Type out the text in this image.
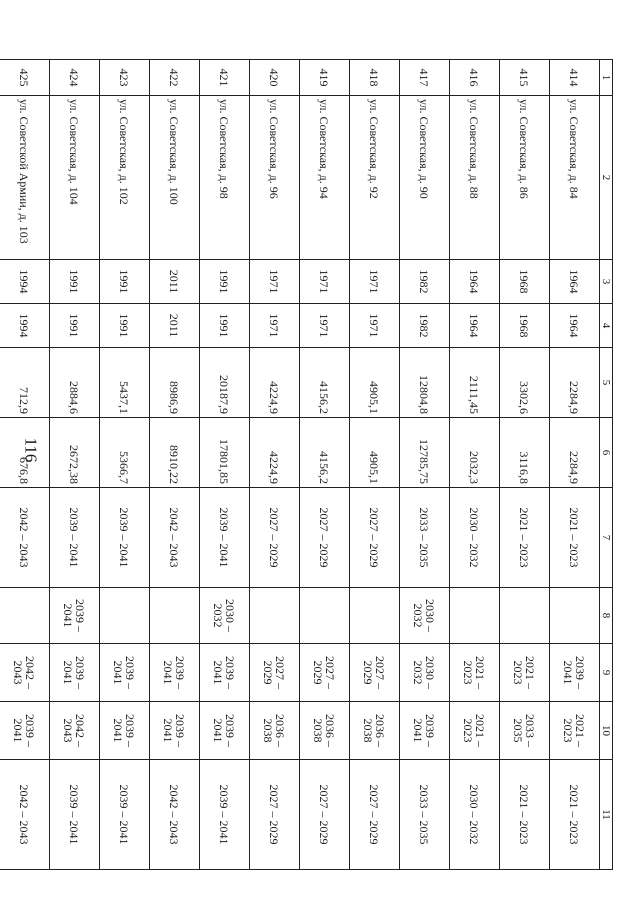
116
1	2	3	4	5	6	7	8	9	10	11
414	ул. Советская, д. 84	1964	1964	2284,9	2284,9	2021 – 2023		2039 – 2041	2021 – 2023	2021 – 2023
415	ул. Советская, д. 86	1968	1968	3302,6	3116,8	2021 – 2023		2021 – 2023	2033 – 2035	2021 – 2023
416	ул. Советская, д. 88	1964	1964	2111,45	2032,3	2030 – 2032		2021 – 2023	2021 – 2023	2030 – 2032
417	ул. Советская, д. 90	1982	1982	12804,8	12785,75	2033 – 2035	2030 – 2032	2030 – 2032	2039 – 2041	2033 – 2035
418	ул. Советская, д. 92	1971	1971	4905,1	4905,1	2027 – 2029		2027 – 2029	2036 – 2038	2027 – 2029
419	ул. Советская, д. 94	1971	1971	4156,2	4156,2	2027 – 2029		2027 – 2029	2036 – 2038	2027 – 2029
420	ул. Советская, д. 96	1971	1971	4224,9	4224,9	2027 – 2029		2027 – 2029	2036 – 2038	2027 – 2029
421	ул. Советская, д. 98	1991	1991	20187,9	17801,85	2039 – 2041	2030 – 2032	2039 – 2041	2039 – 2041	2039 – 2041
422	ул. Советская, д. 100	2011	2011	8986,9	8910,22	2042 – 2043		2039 – 2041	2039 – 2041	2042 – 2043
423	ул. Советская, д. 102	1991	1991	5437,1	5366,7	2039 – 2041		2039 – 2041	2039 – 2041	2039 – 2041
424	ул. Советская, д. 104	1991	1991	2884,6	2672,38	2039 – 2041	2039 – 2041	2039 – 2041	2042 – 2043	2039 – 2041
425	ул. Советской Армии, д. 103	1994	1994	712,9	676,8	2042 – 2043		2042 – 2043	2039 – 2041	2042 – 2043
